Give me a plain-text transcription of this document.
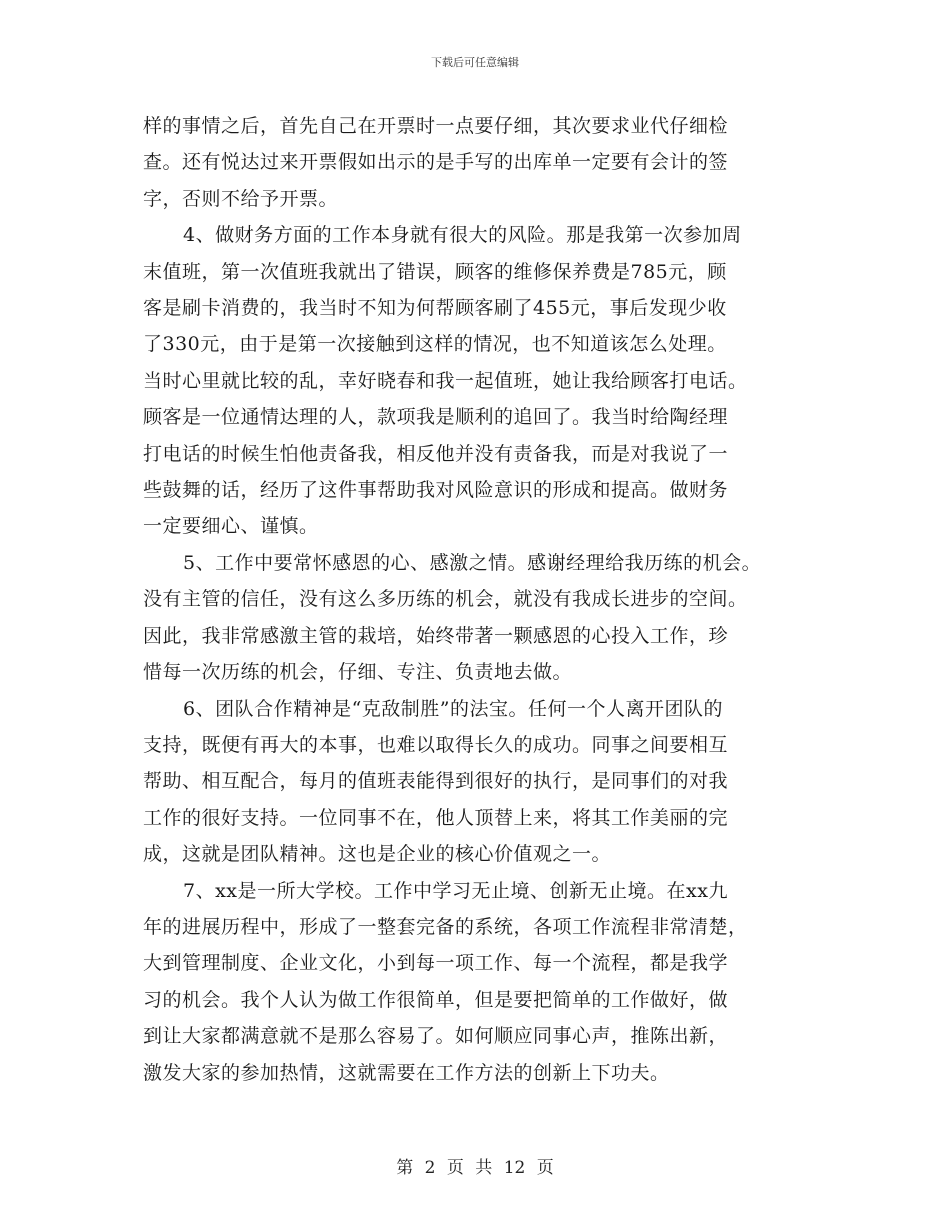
下载后可任意编辑
样的事情之后，首先自己在开票时一点要仔细，其次要求业代仔细检
查。还有悦达过来开票假如出示的是手写的出库单一定要有会计的签
字，否则不给予开票。
4、做财务方面的工作本身就有很大的风险。那是我第一次参加周
末值班，第一次值班我就出了错误，顾客的维修保养费是785元，顾
客是刷卡消费的，我当时不知为何帮顾客刷了455元，事后发现少收
了330元，由于是第一次接触到这样的情况，也不知道该怎么处理。
当时心里就比较的乱，幸好晓春和我一起值班，她让我给顾客打电话。
顾客是一位通情达理的人，款项我是顺利的追回了。我当时给陶经理
打电话的时候生怕他责备我，相反他并没有责备我，而是对我说了一
些鼓舞的话，经历了这件事帮助我对风险意识的形成和提高。做财务
一定要细心、谨慎。
5、工作中要常怀感恩的心、感激之情。感谢经理给我历练的机会。
没有主管的信任，没有这么多历练的机会，就没有我成长进步的空间。
因此，我非常感激主管的栽培，始终带著一颗感恩的心投入工作，珍
惜每一次历练的机会，仔细、专注、负责地去做。
6、团队合作精神是“克敌制胜”的法宝。任何一个人离开团队的
支持，既便有再大的本事，也难以取得长久的成功。同事之间要相互
帮助、相互配合，每月的值班表能得到很好的执行，是同事们的对我
工作的很好支持。一位同事不在，他人顶替上来，将其工作美丽的完
成，这就是团队精神。这也是企业的核心价值观之一。
7、xx是一所大学校。工作中学习无止境、创新无止境。在xx九
年的进展历程中，形成了一整套完备的系统，各项工作流程非常清楚，
大到管理制度、企业文化，小到每一项工作、每一个流程，都是我学
习的机会。我个人认为做工作很简单，但是要把简单的工作做好，做
到让大家都满意就不是那么容易了。如何顺应同事心声，推陈出新，
激发大家的参加热情，这就需要在工作方法的创新上下功夫。
第 2 页 共 12 页
